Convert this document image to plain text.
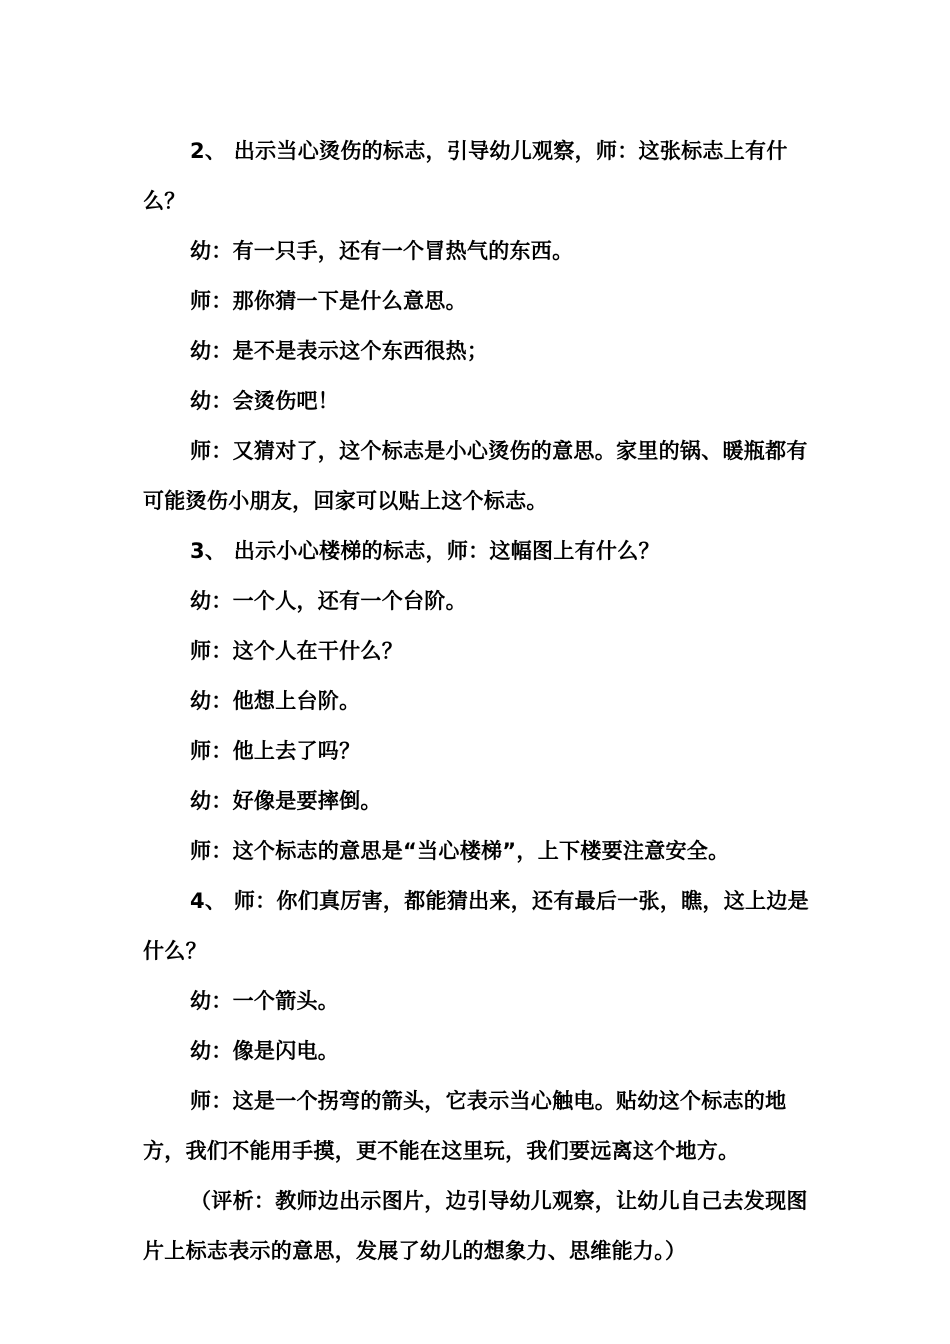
2、 出示当心烫伤的标志，引导幼儿观察，师：这张标志上有什么？

幼：有一只手，还有一个冒热气的东西。

师：那你猜一下是什么意思。

幼：是不是表示这个东西很热；

幼：会烫伤吧！

师：又猜对了，这个标志是小心烫伤的意思。家里的锅、暖瓶都有可能烫伤小朋友，回家可以贴上这个标志。

3、 出示小心楼梯的标志，师：这幅图上有什么？

幼：一个人，还有一个台阶。

师：这个人在干什么？

幼：他想上台阶。

师：他上去了吗？

幼：好像是要摔倒。

师：这个标志的意思是“当心楼梯”，上下楼要注意安全。

4、 师：你们真厉害，都能猜出来，还有最后一张，瞧，这上边是什么？

幼：一个箭头。

幼：像是闪电。

师：这是一个拐弯的箭头，它表示当心触电。贴幼这个标志的地方，我们不能用手摸，更不能在这里玩，我们要远离这个地方。

（评析：教师边出示图片，边引导幼儿观察，让幼儿自己去发现图片上标志表示的意思，发展了幼儿的想象力、思维能力。）
